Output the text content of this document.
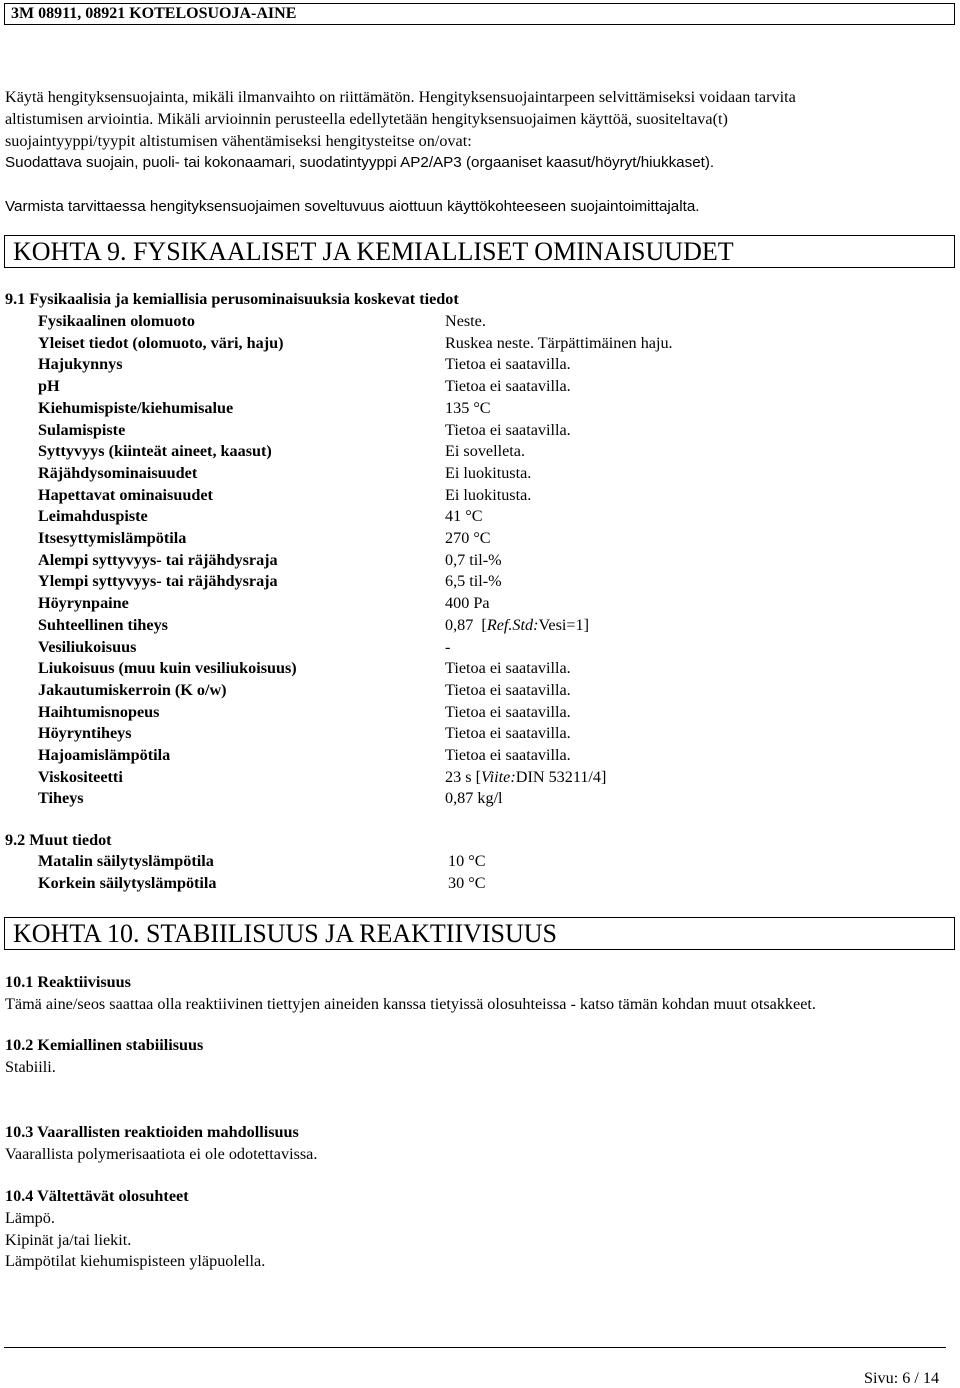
3M 08911, 08921 KOTELOSUOJA-AINE
Käytä hengityksensuojainta, mikäli ilmanvaihto on riittämätön. Hengityksensuojaintarpeen selvittämiseksi voidaan tarvita
altistumisen arviointia. Mikäli arvioinnin perusteella edellytetään hengityksensuojaimen käyttöä, suositeltava(t)
suojaintyyppi/tyypit altistumisen vähentämiseksi hengitysteitse on/ovat:
Suodattava suojain, puoli- tai kokonaamari, suodatintyyppi AP2/AP3 (orgaaniset kaasut/höyryt/hiukkaset).
Varmista tarvittaessa hengityksensuojaimen soveltuvuus aiottuun käyttökohteeseen suojaintoimittajalta.
KOHTA 9. FYSIKAALISET JA KEMIALLISET OMINAISUUDET
9.1 Fysikaalisia ja kemiallisia perusominaisuuksia koskevat tiedot
Fysikaalinen olomuoto	Neste.
Yleiset tiedot (olomuoto, väri, haju)	Ruskea neste. Tärpättimäinen haju.
Hajukynnys	Tietoa ei saatavilla.
pH	Tietoa ei saatavilla.
Kiehumispiste/kiehumisalue	135 °C
Sulamispiste	Tietoa ei saatavilla.
Syttyvyys (kiinteät aineet, kaasut)	Ei sovelleta.
Räjähdysominaisuudet	Ei luokitusta.
Hapettavat ominaisuudet	Ei luokitusta.
Leimahduspiste	41 °C
Itsesyttymislämpötila	270 °C
Alempi syttyvyys- tai räjähdysraja	0,7 til-%
Ylempi syttyvyys- tai räjähdysraja	6,5 til-%
Höyrynpaine	400 Pa
Suhteellinen tiheys	0,87  [Ref.Std:Vesi=1]
Vesiliukoisuus	-
Liukoisuus (muu kuin vesiliukoisuus)	Tietoa ei saatavilla.
Jakautumiskerroin (K o/w)	Tietoa ei saatavilla.
Haihtumisnopeus	Tietoa ei saatavilla.
Höyryntiheys	Tietoa ei saatavilla.
Hajoamislämpötila	Tietoa ei saatavilla.
Viskositeetti	23 s [Viite:DIN 53211/4]
Tiheys	0,87 kg/l
9.2 Muut tiedot
Matalin säilytyslämpötila	10 °C
Korkein säilytyslämpötila	30 °C
KOHTA 10. STABIILISUUS JA REAKTIIVISUUS
10.1 Reaktiivisuus
Tämä aine/seos saattaa olla reaktiivinen tiettyjen aineiden kanssa tietyissä olosuhteissa - katso tämän kohdan muut otsakkeet.
10.2 Kemiallinen stabiilisuus
Stabiili.
10.3 Vaarallisten reaktioiden mahdollisuus
Vaarallista polymerisaatiota ei ole odotettavissa.
10.4 Vältettävät olosuhteet
Lämpö.
Kipinät ja/tai liekit.
Lämpötilat kiehumispisteen yläpuolella.
Sivu: 6 / 14
